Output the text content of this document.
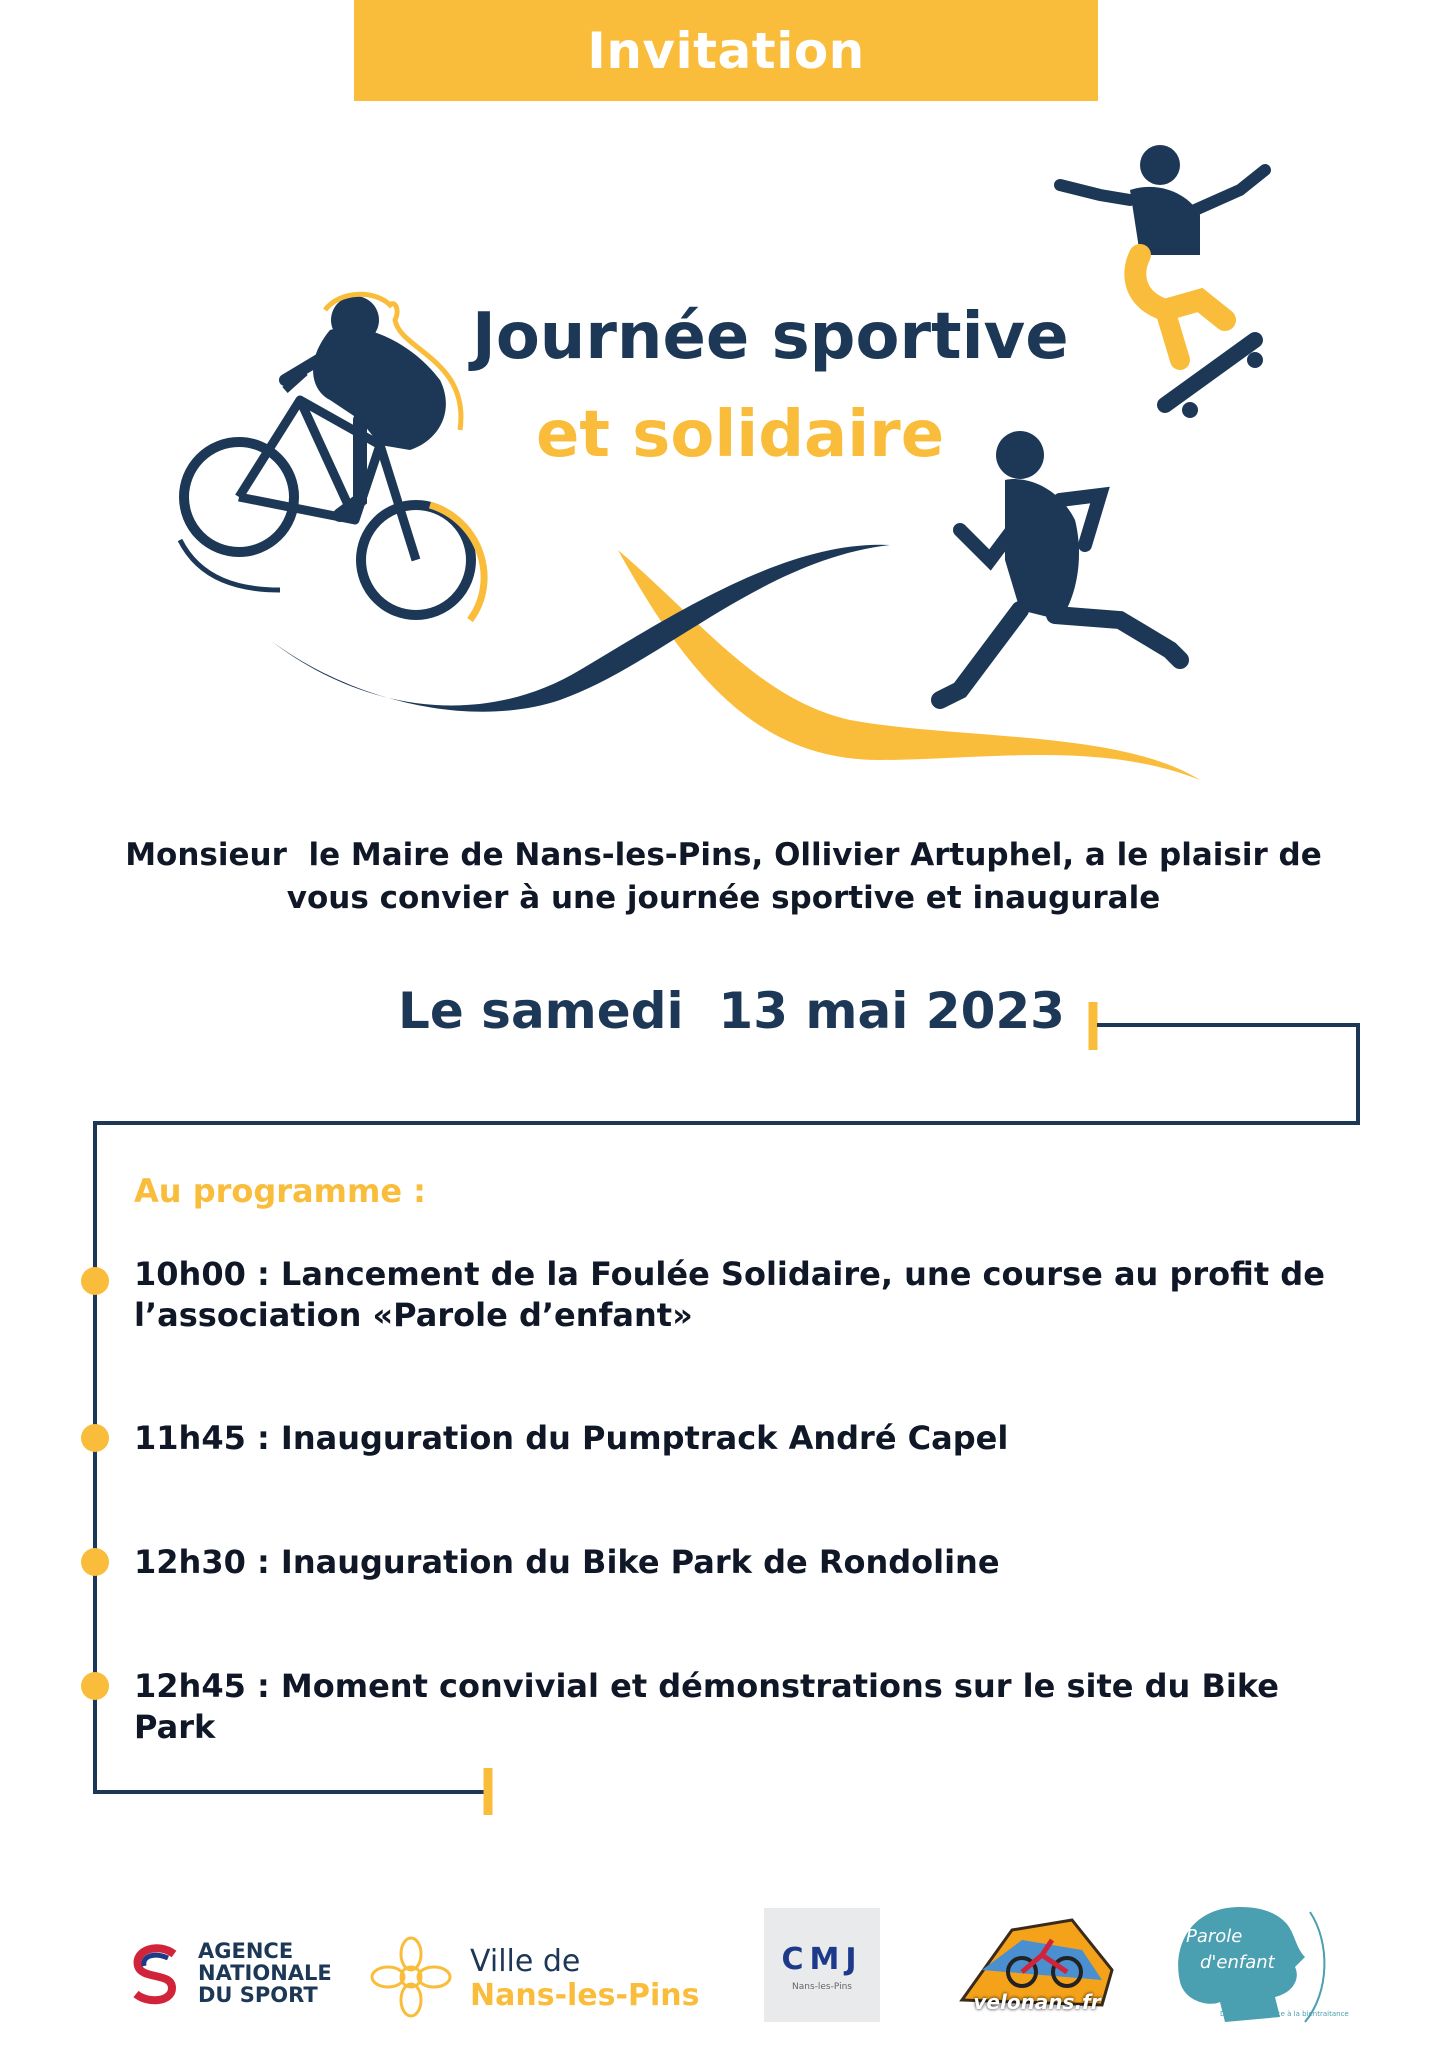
Invitation
Journée sportive
et solidaire
Monsieur  le Maire de Nans-les-Pins, Ollivier Artuphel, a le plaisir de
vous convier à une journée sportive et inaugurale
Le samedi  13 mai 2023
Au programme :
10h00 : Lancement de la Foulée Solidaire, une course au profit de
l’association «Parole d’enfant»
11h45 : Inauguration du Pumptrack André Capel
12h30 : Inauguration du Bike Park de Rondoline
12h45 : Moment convivial et démonstrations sur le site du Bike Park
AGENCE
NATIONALE
DU SPORT
Ville de
Nans-les-Pins
CMJ
Nans-les-Pins
velonans.fr
Parole
d'enfant
De la maltraitance à la bientraitance
